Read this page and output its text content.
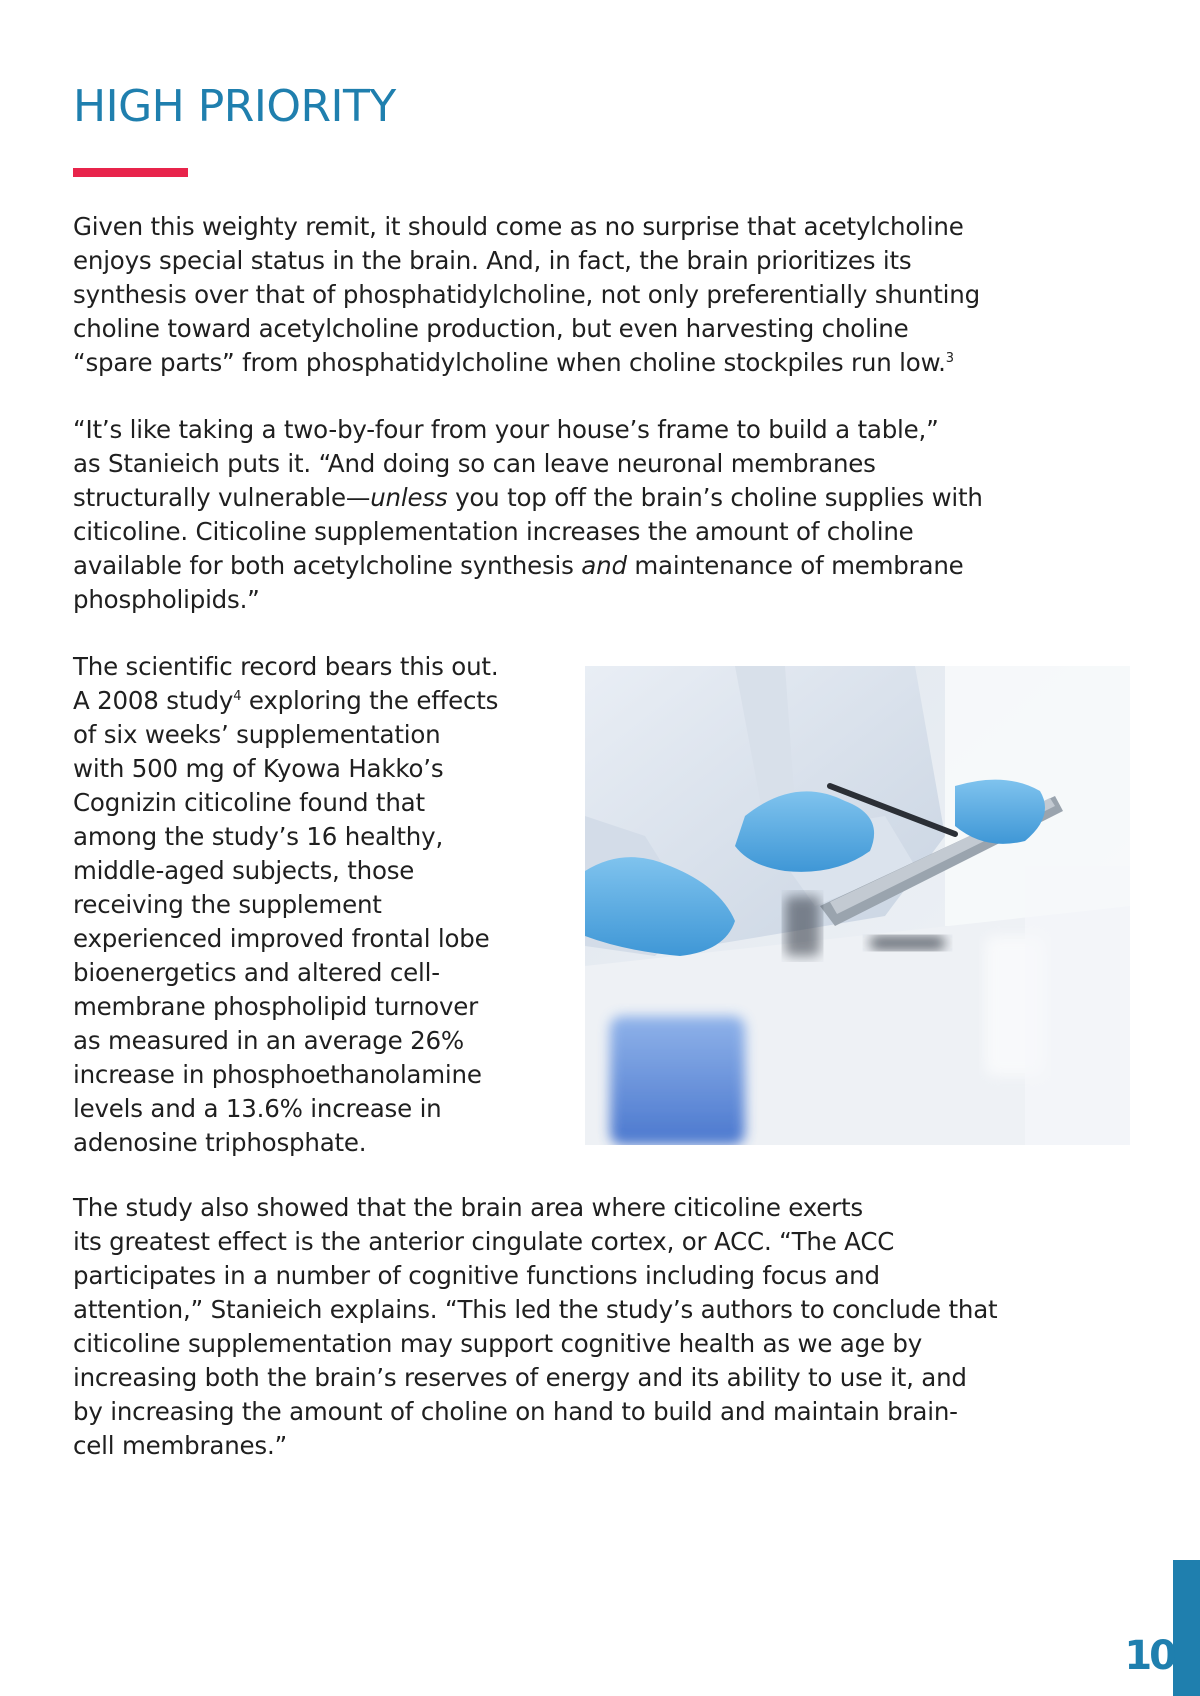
HIGH PRIORITY

Given this weighty remit, it should come as no surprise that acetylcholine
enjoys special status in the brain. And, in fact, the brain prioritizes its
synthesis over that of phosphatidylcholine, not only preferentially shunting
choline toward acetylcholine production, but even harvesting choline
“spare parts” from phosphatidylcholine when choline stockpiles run low.$^3$

“It’s like taking a two-by-four from your house’s frame to build a table,”
as Stanieich puts it. “And doing so can leave neuronal membranes
structurally vulnerable—unless you top off the brain’s choline supplies with
citicoline. Citicoline supplementation increases the amount of choline
available for both acetylcholine synthesis and maintenance of membrane
phospholipids.”

The scientific record bears this out.
A 2008 study$^4$ exploring the effects
of six weeks’ supplementation
with 500 mg of Kyowa Hakko’s
Cognizin citicoline found that
among the study’s 16 healthy,
middle-aged subjects, those
receiving the supplement
experienced improved frontal lobe
bioenergetics and altered cell-
membrane phospholipid turnover
as measured in an average 26%
increase in phosphoethanolamine
levels and a 13.6% increase in
adenosine triphosphate.

The study also showed that the brain area where citicoline exerts
its greatest effect is the anterior cingulate cortex, or ACC. “The ACC
participates in a number of cognitive functions including focus and
attention,” Stanieich explains. “This led the study’s authors to conclude that
citicoline supplementation may support cognitive health as we age by
increasing both the brain’s reserves of energy and its ability to use it, and
by increasing the amount of choline on hand to build and maintain brain-
cell membranes.”

10
